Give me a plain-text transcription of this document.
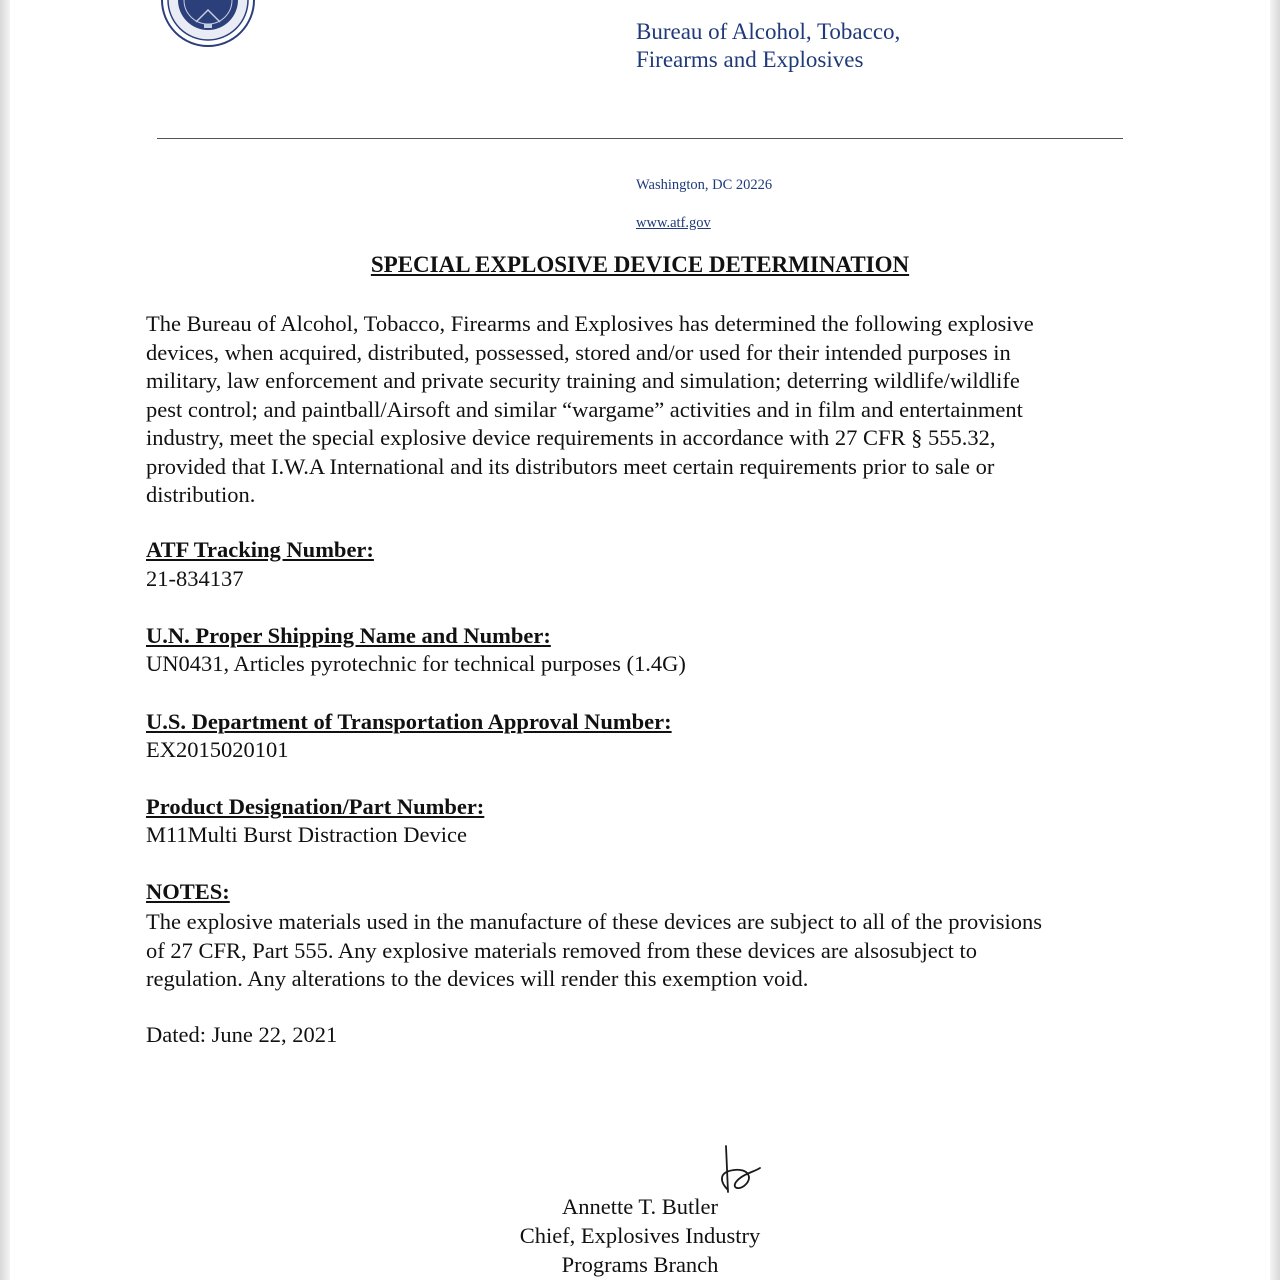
Bureau of Alcohol, Tobacco,
Firearms and Explosives
Washington, DC 20226
www.atf.gov
SPECIAL EXPLOSIVE DEVICE DETERMINATION
The Bureau of Alcohol, Tobacco, Firearms and Explosives has determined the following explosive
devices, when acquired, distributed, possessed, stored and/or used for their intended purposes in
military, law enforcement and private security training and simulation; deterring wildlife/wildlife
pest control; and paintball/Airsoft and similar “wargame” activities and in film and entertainment
industry, meet the special explosive device requirements in accordance with 27 CFR § 555.32,
provided that I.W.A International and its distributors meet certain requirements prior to sale or
distribution.
ATF Tracking Number:
21-834137
U.N. Proper Shipping Name and Number:
UN0431, Articles pyrotechnic for technical purposes (1.4G)
U.S. Department of Transportation Approval Number:
EX2015020101
Product Designation/Part Number:
M11Multi Burst Distraction Device
NOTES:
The explosive materials used in the manufacture of these devices are subject to all of the provisions
of 27 CFR, Part 555. Any explosive materials removed from these devices are alsosubject to
regulation. Any alterations to the devices will render this exemption void.
Dated: June 22, 2021
Annette T. Butler
Chief, Explosives Industry
Programs Branch
